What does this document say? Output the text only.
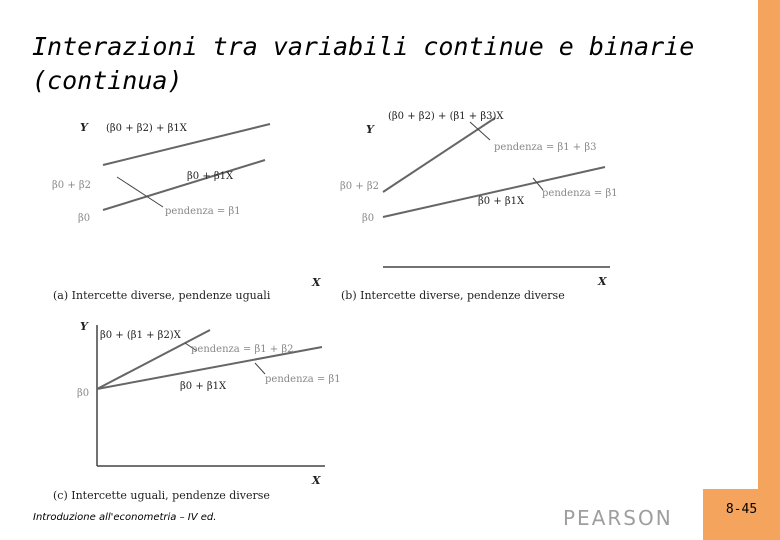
Interazioni tra variabili continue e binarie
(continua)
Y (β0 + β2) + β1X
β0 + β2
β0
β0 + β1X
pendenza = β1
X
(a) Intercette diverse, pendenze uguali
(β0 + β2) + (β1 + β3)X
Y
pendenza = β1 + β3
β0 + β2
pendenza = β1
β0 + β1X
β0
X
(b) Intercette diverse, pendenze diverse
Y
β0 + (β1 + β2)X
pendenza = β1 + β2
pendenza = β1
β0 + β1X
β0
X
(c) Intercette uguali, pendenze diverse
Introduzione all'econometria – IV ed.	PEARSON	8-45
